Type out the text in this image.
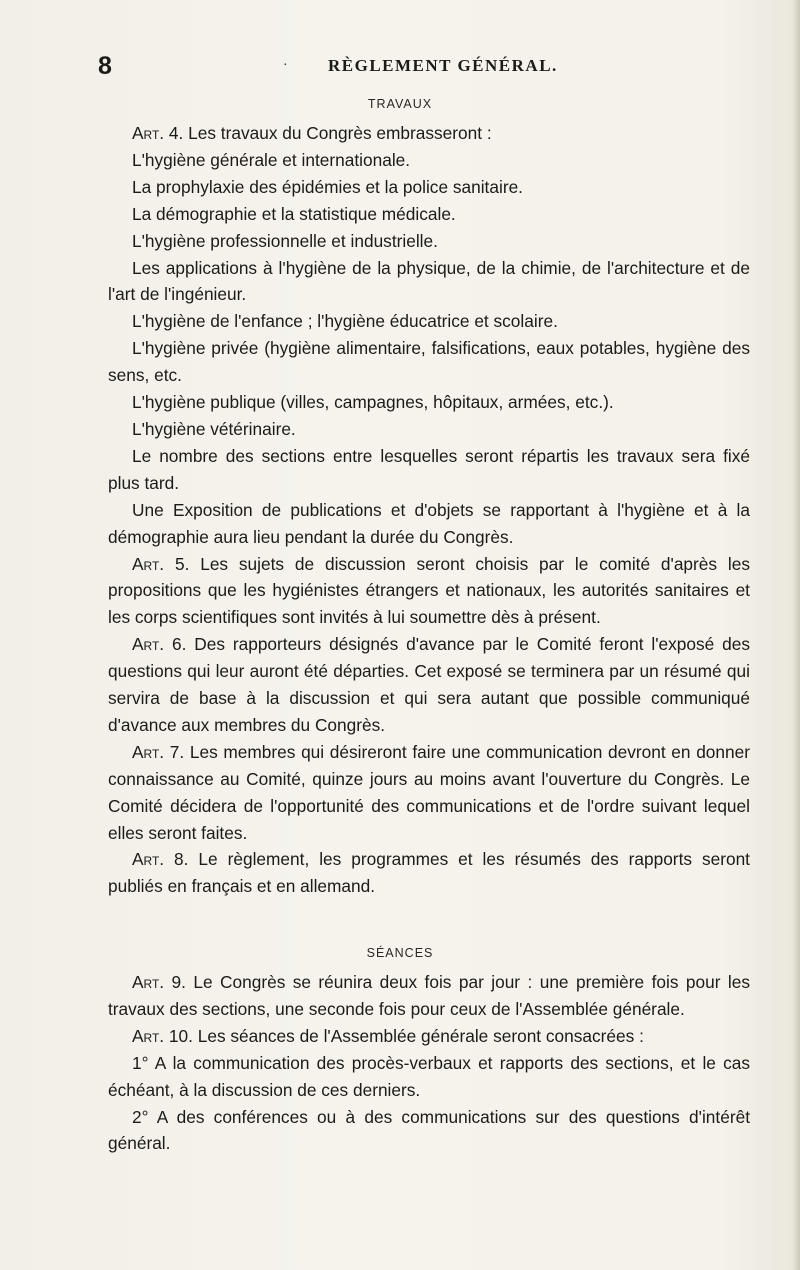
8	· RÈGLEMENT GÉNÉRAL.
TRAVAUX

Art. 4. Les travaux du Congrès embrasseront :

L'hygiène générale et internationale.

La prophylaxie des épidémies et la police sanitaire.

La démographie et la statistique médicale.

L'hygiène professionnelle et industrielle.

Les applications à l'hygiène de la physique, de la chimie, de l'architecture et de l'art de l'ingénieur.

L'hygiène de l'enfance ; l'hygiène éducatrice et scolaire.

L'hygiène privée (hygiène alimentaire, falsifications, eaux potables, hygiène des sens, etc.

L'hygiène publique (villes, campagnes, hôpitaux, armées, etc.).

L'hygiène vétérinaire.

Le nombre des sections entre lesquelles seront répartis les travaux sera fixé plus tard.

Une Exposition de publications et d'objets se rapportant à l'hygiène et à la démographie aura lieu pendant la durée du Congrès.

Art. 5. Les sujets de discussion seront choisis par le comité d'après les propositions que les hygiénistes étrangers et nationaux, les autorités sanitaires et les corps scientifiques sont invités à lui soumettre dès à présent.

Art. 6. Des rapporteurs désignés d'avance par le Comité feront l'exposé des questions qui leur auront été départies. Cet exposé se terminera par un résumé qui servira de base à la discussion et qui sera autant que possible communiqué d'avance aux membres du Congrès.

Art. 7. Les membres qui désireront faire une communication devront en donner connaissance au Comité, quinze jours au moins avant l'ouverture du Congrès. Le Comité décidera de l'opportunité des communications et de l'ordre suivant lequel elles seront faites.

Art. 8. Le règlement, les programmes et les résumés des rapports seront publiés en français et en allemand.

SÉANCES

Art. 9. Le Congrès se réunira deux fois par jour : une première fois pour les travaux des sections, une seconde fois pour ceux de l'Assemblée générale.

Art. 10. Les séances de l'Assemblée générale seront consacrées :

1° A la communication des procès-verbaux et rapports des sections, et le cas échéant, à la discussion de ces derniers.

2° A des conférences ou à des communications sur des questions d'intérêt général.
